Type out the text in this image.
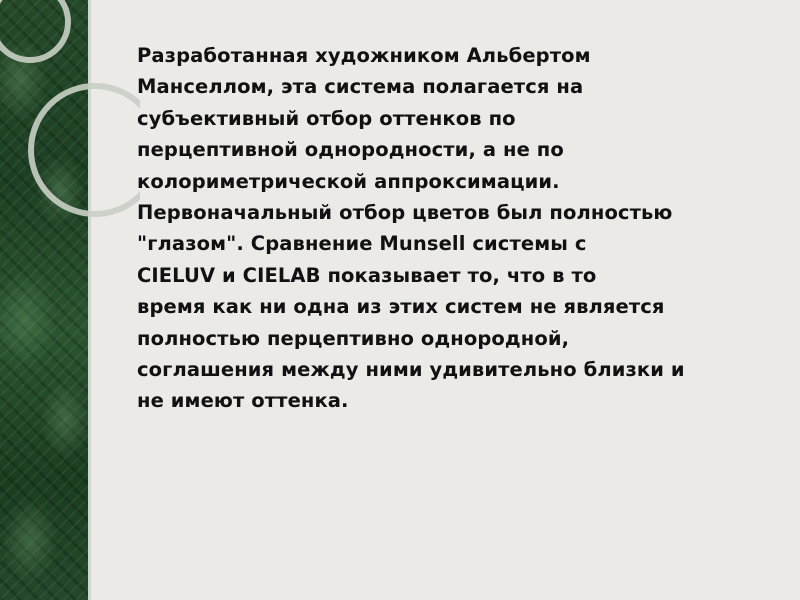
Разработанная художником Альбертом
Манселлом, эта система полагается на
субъективный отбор оттенков по
перцептивной однородности, а не по
колориметрической аппроксимации.
Первоначальный отбор цветов был полностью
"глазом". Сравнение Munsell системы с
CIELUV и CIELAB показывает то, что в то
время как ни одна из этих систем не является
полностью перцептивно однородной,
соглашения между ними удивительно близки и
не имеют оттенка.
